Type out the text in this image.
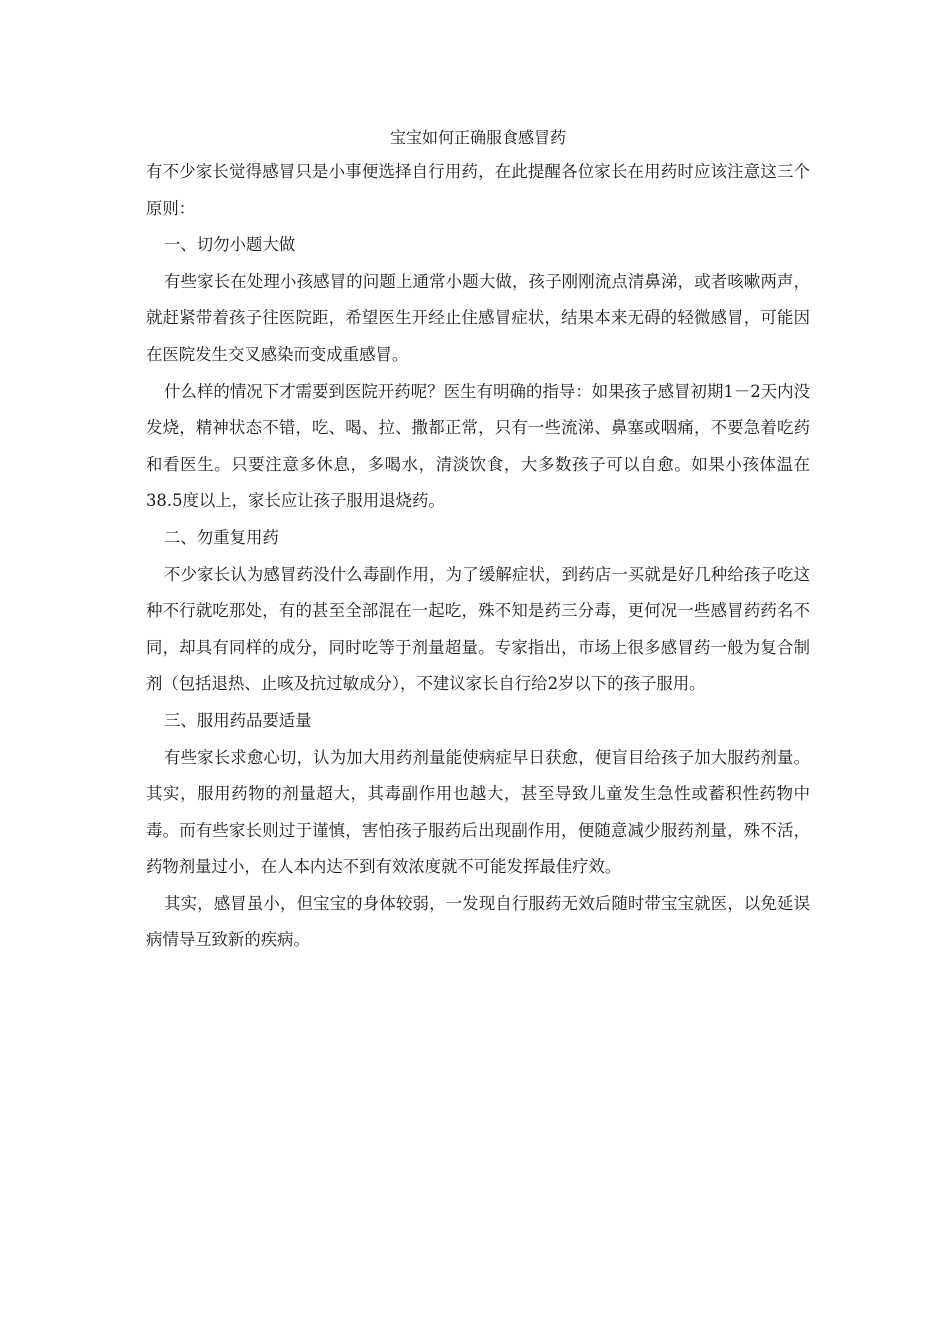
宝宝如何正确服食感冒药

有不少家长觉得感冒只是小事便选择自行用药，在此提醒各位家长在用药时应该注意这三个原则：

一、切勿小题大做

有些家长在处理小孩感冒的问题上通常小题大做，孩子刚刚流点清鼻涕，或者咳嗽两声，就赶紧带着孩子往医院距，希望医生开经止住感冒症状，结果本来无碍的轻微感冒，可能因在医院发生交叉感染而变成重感冒。

什么样的情况下才需要到医院开药呢？医生有明确的指导：如果孩子感冒初期1－2天内没发烧，精神状态不错，吃、喝、拉、撒都正常，只有一些流涕、鼻塞或咽痛，不要急着吃药和看医生。只要注意多休息，多喝水，清淡饮食，大多数孩子可以自愈。如果小孩体温在38.5度以上，家长应让孩子服用退烧药。

二、勿重复用药

不少家长认为感冒药没什么毒副作用，为了缓解症状，到药店一买就是好几种给孩子吃这种不行就吃那处，有的甚至全部混在一起吃，殊不知是药三分毒，更何况一些感冒药药名不同，却具有同样的成分，同时吃等于剂量超量。专家指出，市场上很多感冒药一般为复合制剂（包括退热、止咳及抗过敏成分），不建议家长自行给2岁以下的孩子服用。

三、服用药品要适量

有些家长求愈心切，认为加大用药剂量能使病症早日获愈，便盲目给孩子加大服药剂量。其实，服用药物的剂量超大，其毒副作用也越大，甚至导致儿童发生急性或蓄积性药物中毒。而有些家长则过于谨慎，害怕孩子服药后出现副作用，便随意减少服药剂量，殊不活，药物剂量过小，在人本内达不到有效浓度就不可能发挥最佳疗效。

其实，感冒虽小，但宝宝的身体较弱，一发现自行服药无效后随时带宝宝就医，以免延误病情导互致新的疾病。
